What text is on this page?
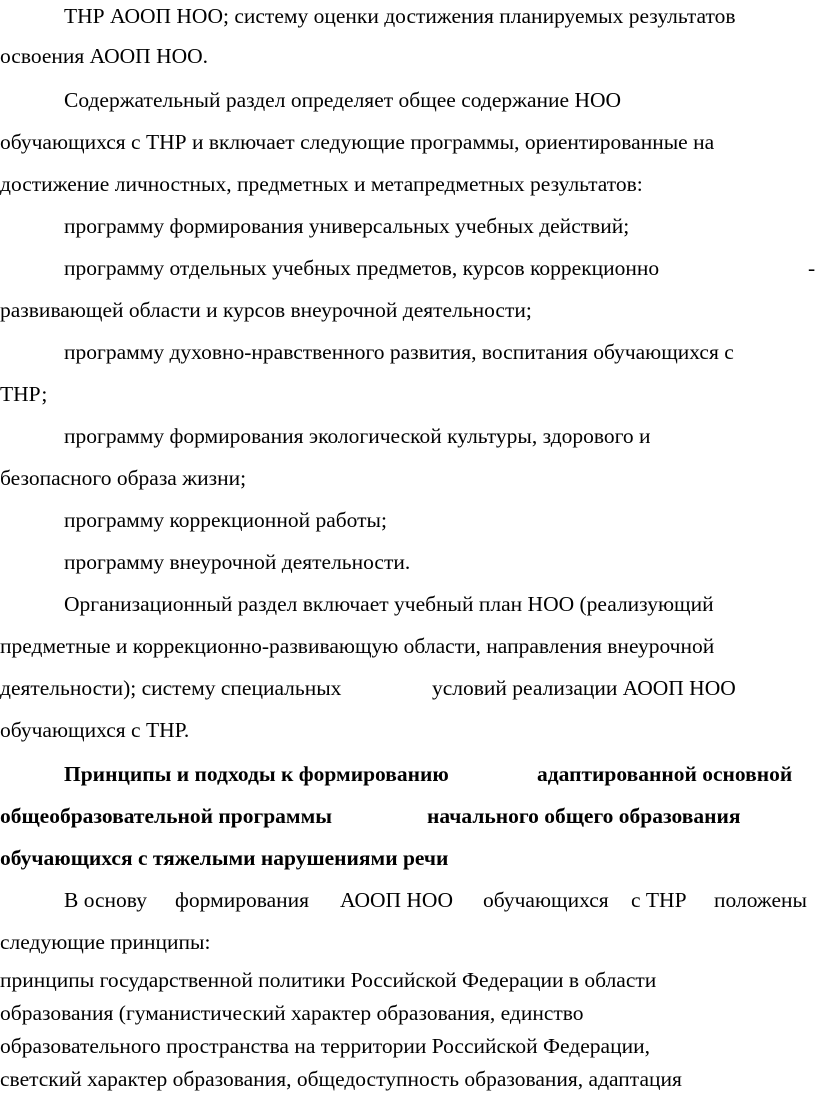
ТНР АООП НОО; систему оценки достижения планируемых результатов
освоения АООП НОО.
Содержательный раздел определяет общее содержание НОО
обучающихся с ТНР и включает следующие программы, ориентированные на
достижение личностных, предметных и метапредметных результатов:
программу формирования универсальных учебных действий;
программу отдельных учебных предметов, курсов коррекционно	-
развивающей области и курсов внеурочной деятельности;
программу духовно-нравственного развития, воспитания обучающихся с
ТНР;
программу формирования экологической культуры, здорового и
безопасного образа жизни;
программу коррекционной работы;
программу внеурочной деятельности.
Организационный раздел включает учебный план НОО (реализующий
предметные и коррекционно-развивающую области, направления внеурочной
деятельности); систему специальных	условий реализации АООП НОО
обучающихся с ТНР.
Принципы и подходы к формированию	адаптированной основной
общеобразовательной программы	начального общего образования
обучающихся с тяжелыми нарушениями речи
В основу формирования АООП НОО обучающихся с ТНР положены
следующие принципы:
принципы государственной политики Российской Федерации в области
образования (гуманистический характер образования, единство
образовательного пространства на территории Российской Федерации,
светский характер образования, общедоступность образования, адаптация
